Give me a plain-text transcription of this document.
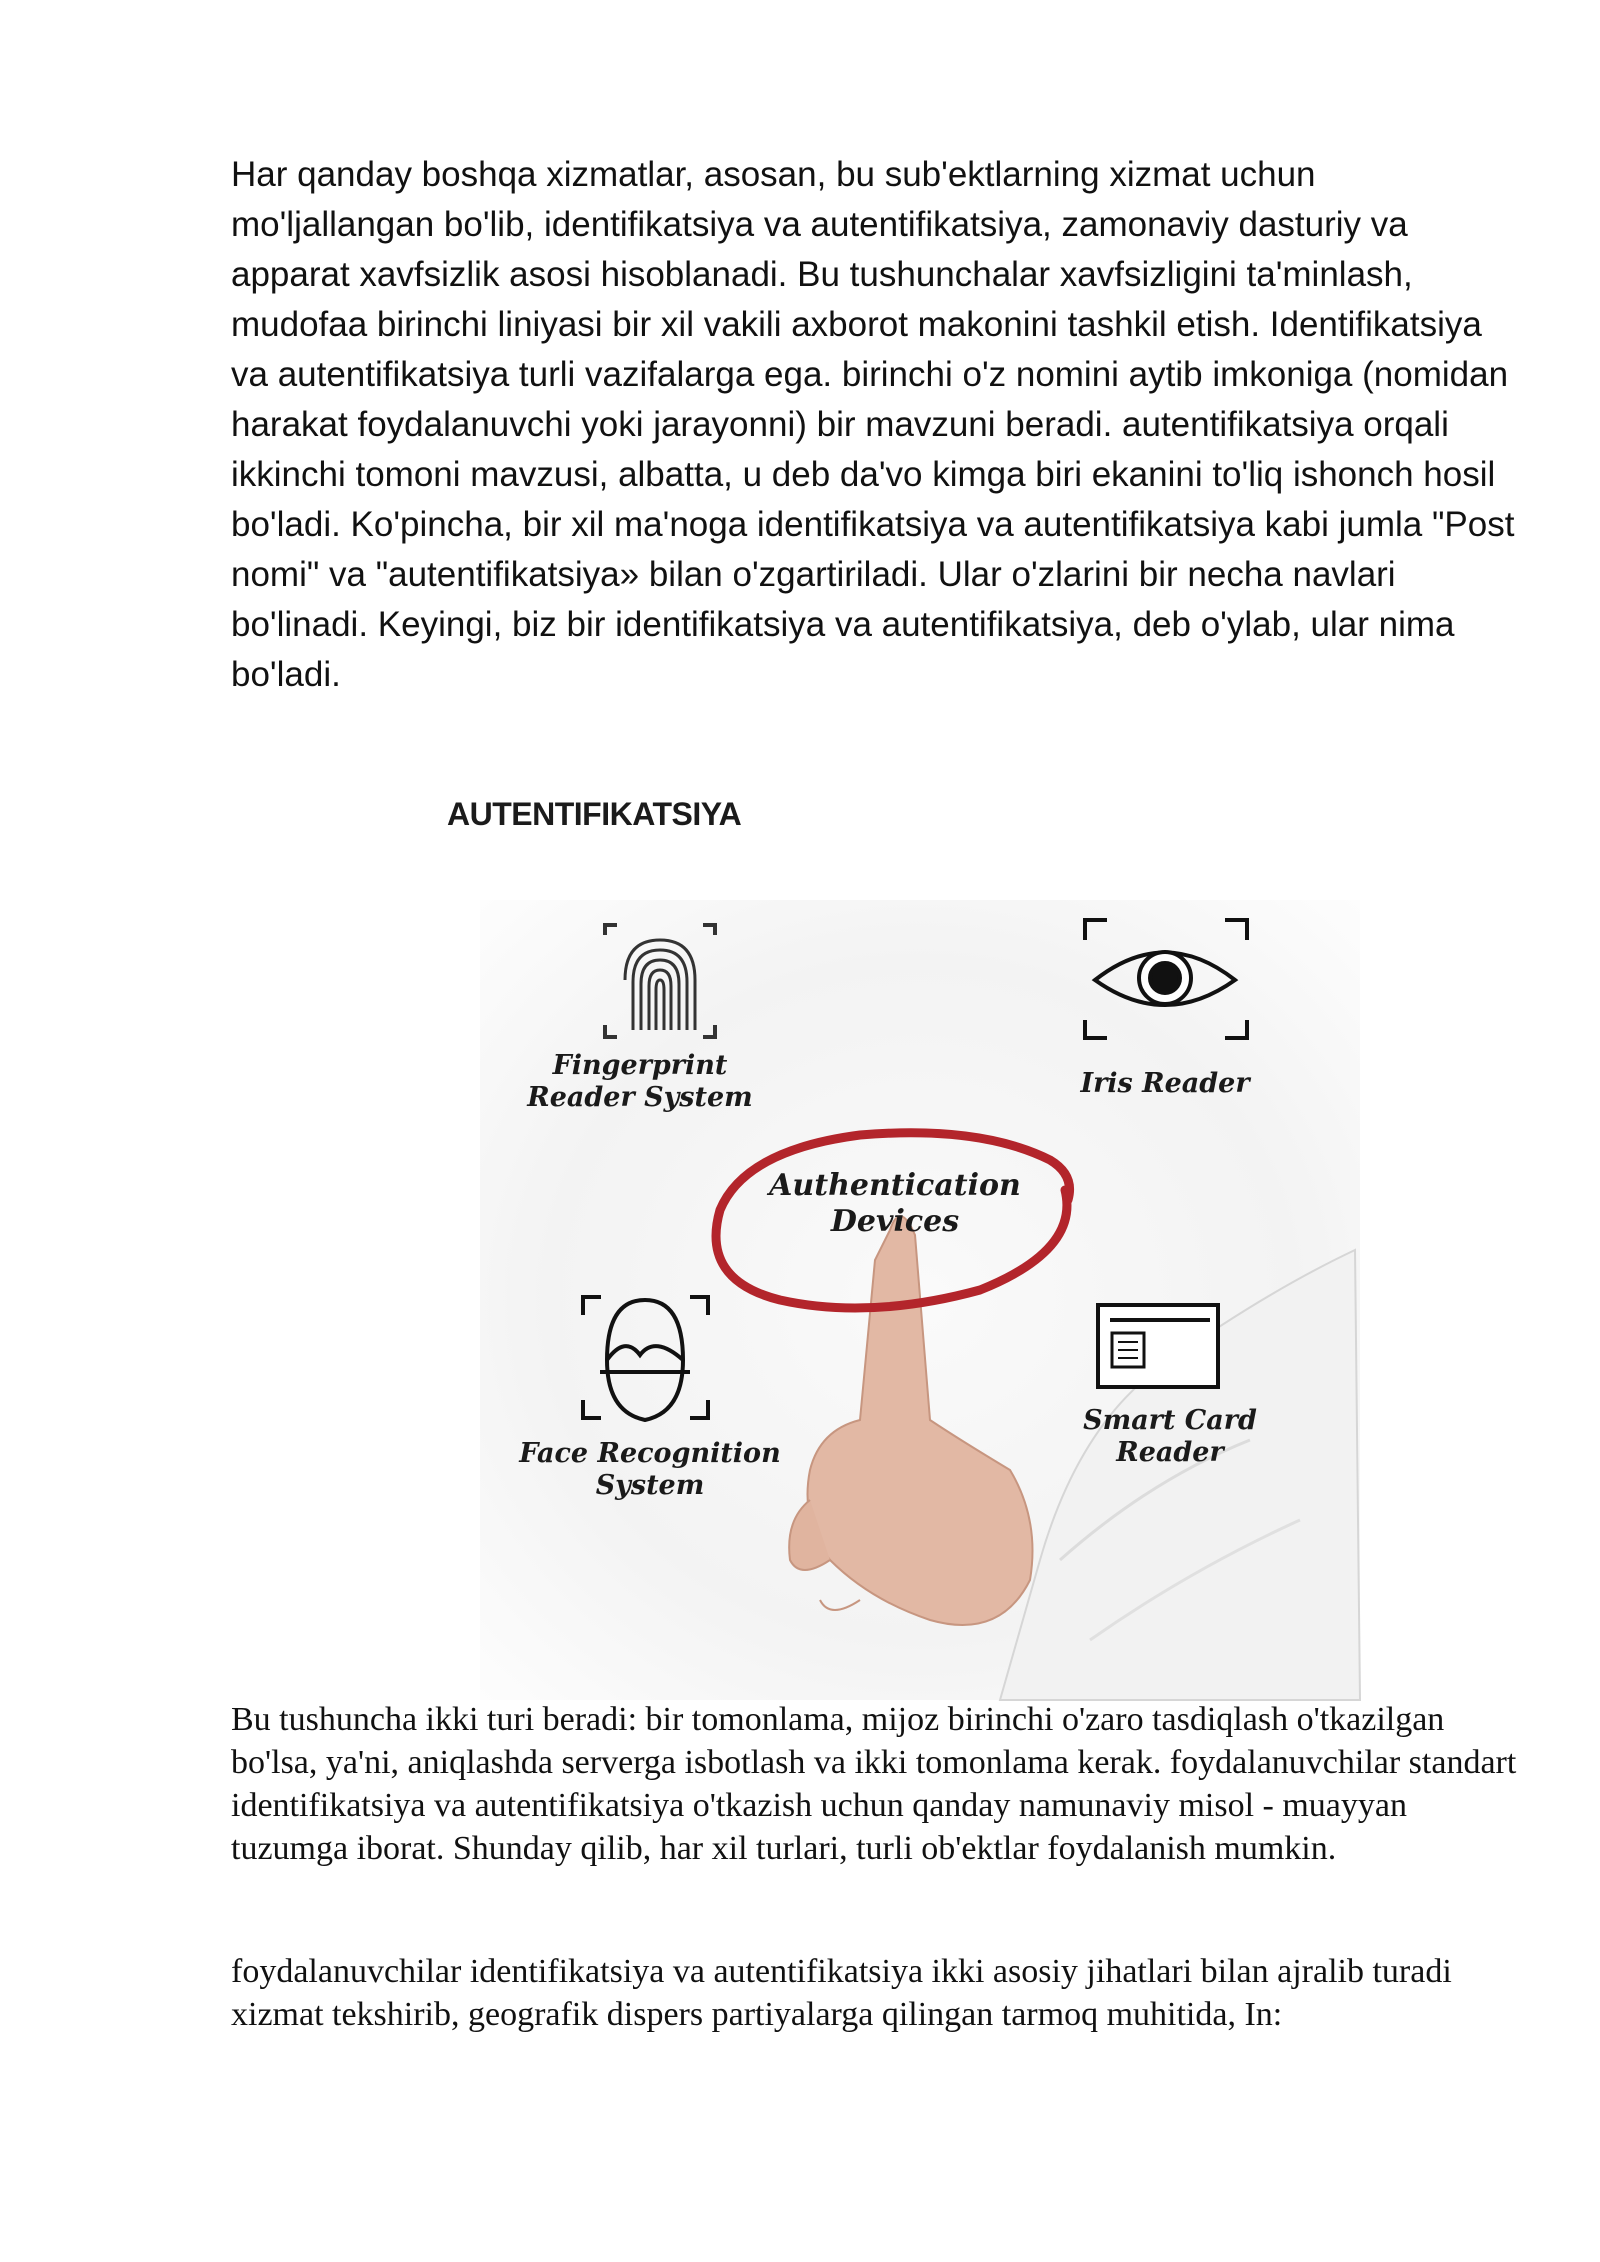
Har qanday boshqa xizmatlar, asosan, bu sub'ektlarning xizmat uchun mo'ljallangan bo'lib, identifikatsiya va autentifikatsiya, zamonaviy dasturiy va apparat xavfsizlik asosi hisoblanadi. Bu tushunchalar xavfsizligini ta'minlash, mudofaa birinchi liniyasi bir xil vakili axborot makonini tashkil etish. Identifikatsiya va autentifikatsiya turli vazifalarga ega. birinchi o'z nomini aytib imkoniga (nomidan harakat foydalanuvchi yoki jarayonni) bir mavzuni beradi. autentifikatsiya orqali ikkinchi tomoni mavzusi, albatta, u deb da'vo kimga biri ekanini to'liq ishonch hosil bo'ladi. Ko'pincha, bir xil ma'noga identifikatsiya va autentifikatsiya kabi jumla "Post nomi" va "autentifikatsiya» bilan o'zgartiriladi. Ular o'zlarini bir necha navlari bo'linadi. Keyingi, biz bir identifikatsiya va autentifikatsiya, deb o'ylab, ular nima bo'ladi.

AUTENTIFIKATSIYA
Fingerprint
Reader System	Iris Reader
Authentication
Devices
Face Recognition
System
Smart Card
Reader

Bu tushuncha ikki turi beradi: bir tomonlama, mijoz birinchi o'zaro tasdiqlash o'tkazilgan bo'lsa, ya'ni, aniqlashda serverga isbotlash va ikki tomonlama kerak. foydalanuvchilar standart identifikatsiya va autentifikatsiya o'tkazish uchun qanday namunaviy misol - muayyan tuzumga iborat. Shunday qilib, har xil turlari, turli ob'ektlar foydalanish mumkin.

foydalanuvchilar identifikatsiya va autentifikatsiya ikki asosiy jihatlari bilan ajralib turadi xizmat tekshirib, geografik dispers partiyalarga qilingan tarmoq muhitida, In:
